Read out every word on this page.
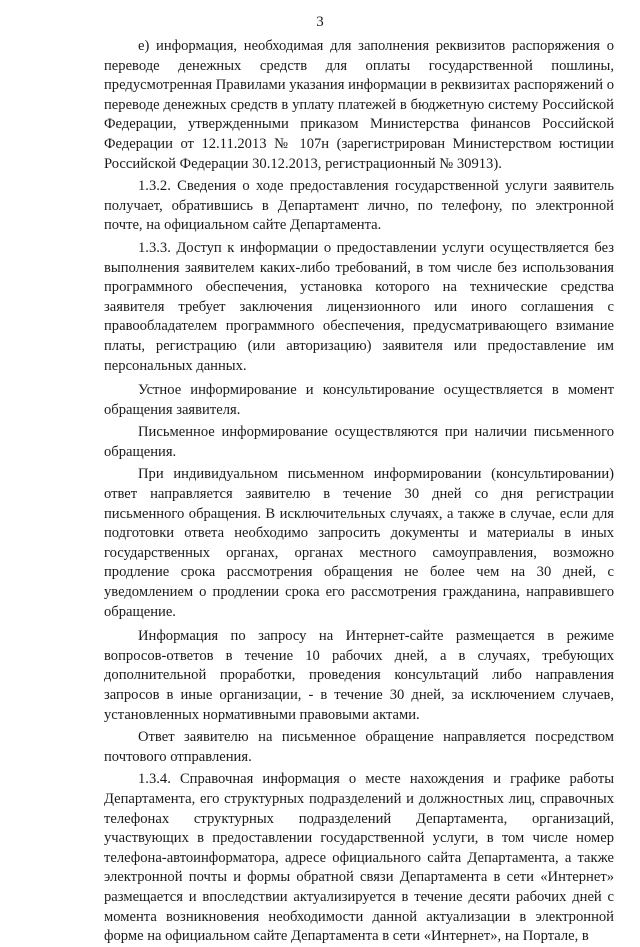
3

е) информация, необходимая для заполнения реквизитов распоряжения о переводе денежных средств для оплаты государственной пошлины, предусмотренная Правилами указания информации в реквизитах распоряжений о переводе денежных средств в уплату платежей в бюджетную систему Российской Федерации, утвержденными приказом Министерства финансов Российской Федерации от 12.11.2013 № 107н (зарегистрирован Министерством юстиции Российской Федерации 30.12.2013, регистрационный № 30913).

1.3.2. Сведения о ходе предоставления государственной услуги заявитель получает, обратившись в Департамент лично, по телефону, по электронной почте, на официальном сайте Департамента.

1.3.3. Доступ к информации о предоставлении услуги осуществляется без выполнения заявителем каких-либо требований, в том числе без использования программного обеспечения, установка которого на технические средства заявителя требует заключения лицензионного или иного соглашения с правообладателем программного обеспечения, предусматривающего взимание платы, регистрацию (или авторизацию) заявителя или предоставление им персональных данных.

Устное информирование и консультирование осуществляется в момент обращения заявителя.

Письменное информирование осуществляются при наличии письменного обращения.

При индивидуальном письменном информировании (консультировании) ответ направляется заявителю в течение 30 дней со дня регистрации письменного обращения. В исключительных случаях, а также в случае, если для подготовки ответа необходимо запросить документы и материалы в иных государственных органах, органах местного самоуправления, возможно продление срока рассмотрения обращения не более чем на 30 дней, с уведомлением о продлении срока его рассмотрения гражданина, направившего обращение.

Информация по запросу на Интернет-сайте размещается в режиме вопросов-ответов в течение 10 рабочих дней, а в случаях, требующих дополнительной проработки, проведения консультаций либо направления запросов в иные организации, - в течение 30 дней, за исключением случаев, установленных нормативными правовыми актами.

Ответ заявителю на письменное обращение направляется посредством почтового отправления.

1.3.4. Справочная информация о месте нахождения и графике работы Департамента, его структурных подразделений и должностных лиц, справочных телефонах структурных подразделений Департамента, организаций, участвующих в предоставлении государственной услуги, в том числе номер телефона-автоинформатора, адресе официального сайта Департамента, а также электронной почты и формы обратной связи Департамента в сети «Интернет» размещается и впоследствии актуализируется в течение десяти рабочих дней с момента возникновения необходимости данной актуализации в электронной форме на официальном сайте Департамента в сети «Интернет», на Портале, в
